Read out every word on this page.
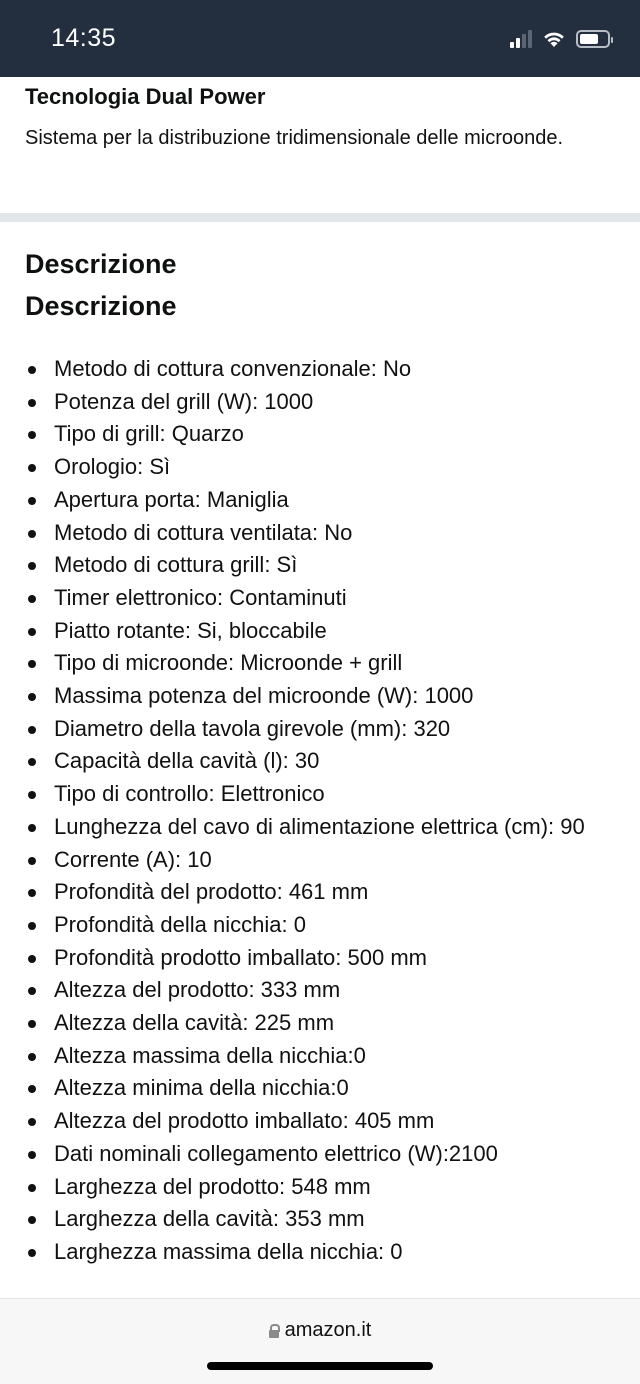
14:35
Tecnologia Dual Power
Sistema per la distribuzione tridimensionale delle microonde.
Descrizione
Descrizione
Metodo di cottura convenzionale: No
Potenza del grill (W): 1000
Tipo di grill: Quarzo
Orologio: Sì
Apertura porta: Maniglia
Metodo di cottura ventilata: No
Metodo di cottura grill: Sì
Timer elettronico: Contaminuti
Piatto rotante: Si, bloccabile
Tipo di microonde: Microonde + grill
Massima potenza del microonde (W): 1000
Diametro della tavola girevole (mm): 320
Capacità della cavità (l): 30
Tipo di controllo: Elettronico
Lunghezza del cavo di alimentazione elettrica (cm): 90
Corrente (A): 10
Profondità del prodotto: 461 mm
Profondità della nicchia: 0
Profondità prodotto imballato: 500 mm
Altezza del prodotto: 333 mm
Altezza della cavità: 225 mm
Altezza massima della nicchia:0
Altezza minima della nicchia:0
Altezza del prodotto imballato: 405 mm
Dati nominali collegamento elettrico (W):2100
Larghezza del prodotto: 548 mm
Larghezza della cavità: 353 mm
Larghezza massima della nicchia: 0
amazon.it
